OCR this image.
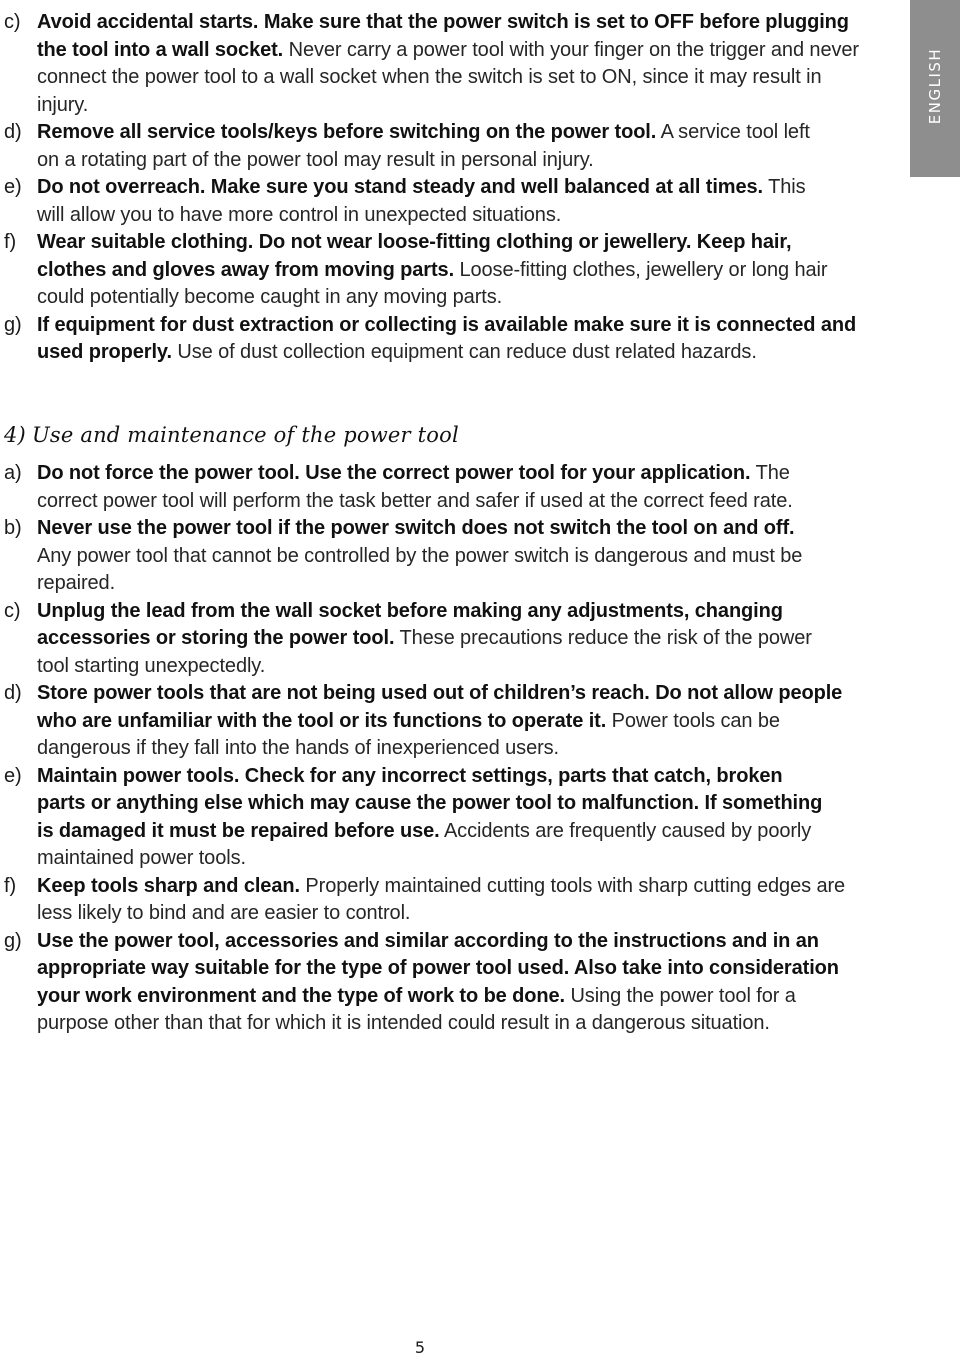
ENGLISH
c) Avoid accidental starts. Make sure that the power switch is set to OFF before plugging the tool into a wall socket. Never carry a power tool with your finger on the trigger and never connect the power tool to a wall socket when the switch is set to ON, since it may result in injury.
d) Remove all service tools/keys before switching on the power tool. A service tool left on a rotating part of the power tool may result in personal injury.
e) Do not overreach. Make sure you stand steady and well balanced at all times. This will allow you to have more control in unexpected situations.
f) Wear suitable clothing. Do not wear loose-fitting clothing or jewellery. Keep hair, clothes and gloves away from moving parts. Loose-fitting clothes, jewellery or long hair could potentially become caught in any moving parts.
g) If equipment for dust extraction or collecting is available make sure it is connected and used properly. Use of dust collection equipment can reduce dust related hazards.
4) Use and maintenance of the power tool
a) Do not force the power tool. Use the correct power tool for your application. The correct power tool will perform the task better and safer if used at the correct feed rate.
b) Never use the power tool if the power switch does not switch the tool on and off. Any power tool that cannot be controlled by the power switch is dangerous and must be repaired.
c) Unplug the lead from the wall socket before making any adjustments, changing accessories or storing the power tool. These precautions reduce the risk of the power tool starting unexpectedly.
d) Store power tools that are not being used out of children’s reach. Do not allow people who are unfamiliar with the tool or its functions to operate it. Power tools can be dangerous if they fall into the hands of inexperienced users.
e) Maintain power tools. Check for any incorrect settings, parts that catch, broken parts or anything else which may cause the power tool to malfunction. If something is damaged it must be repaired before use. Accidents are frequently caused by poorly maintained power tools.
f) Keep tools sharp and clean. Properly maintained cutting tools with sharp cutting edges are less likely to bind and are easier to control.
g) Use the power tool, accessories and similar according to the instructions and in an appropriate way suitable for the type of power tool used. Also take into consideration your work environment and the type of work to be done. Using the power tool for a purpose other than that for which it is intended could result in a dangerous situation.
5
